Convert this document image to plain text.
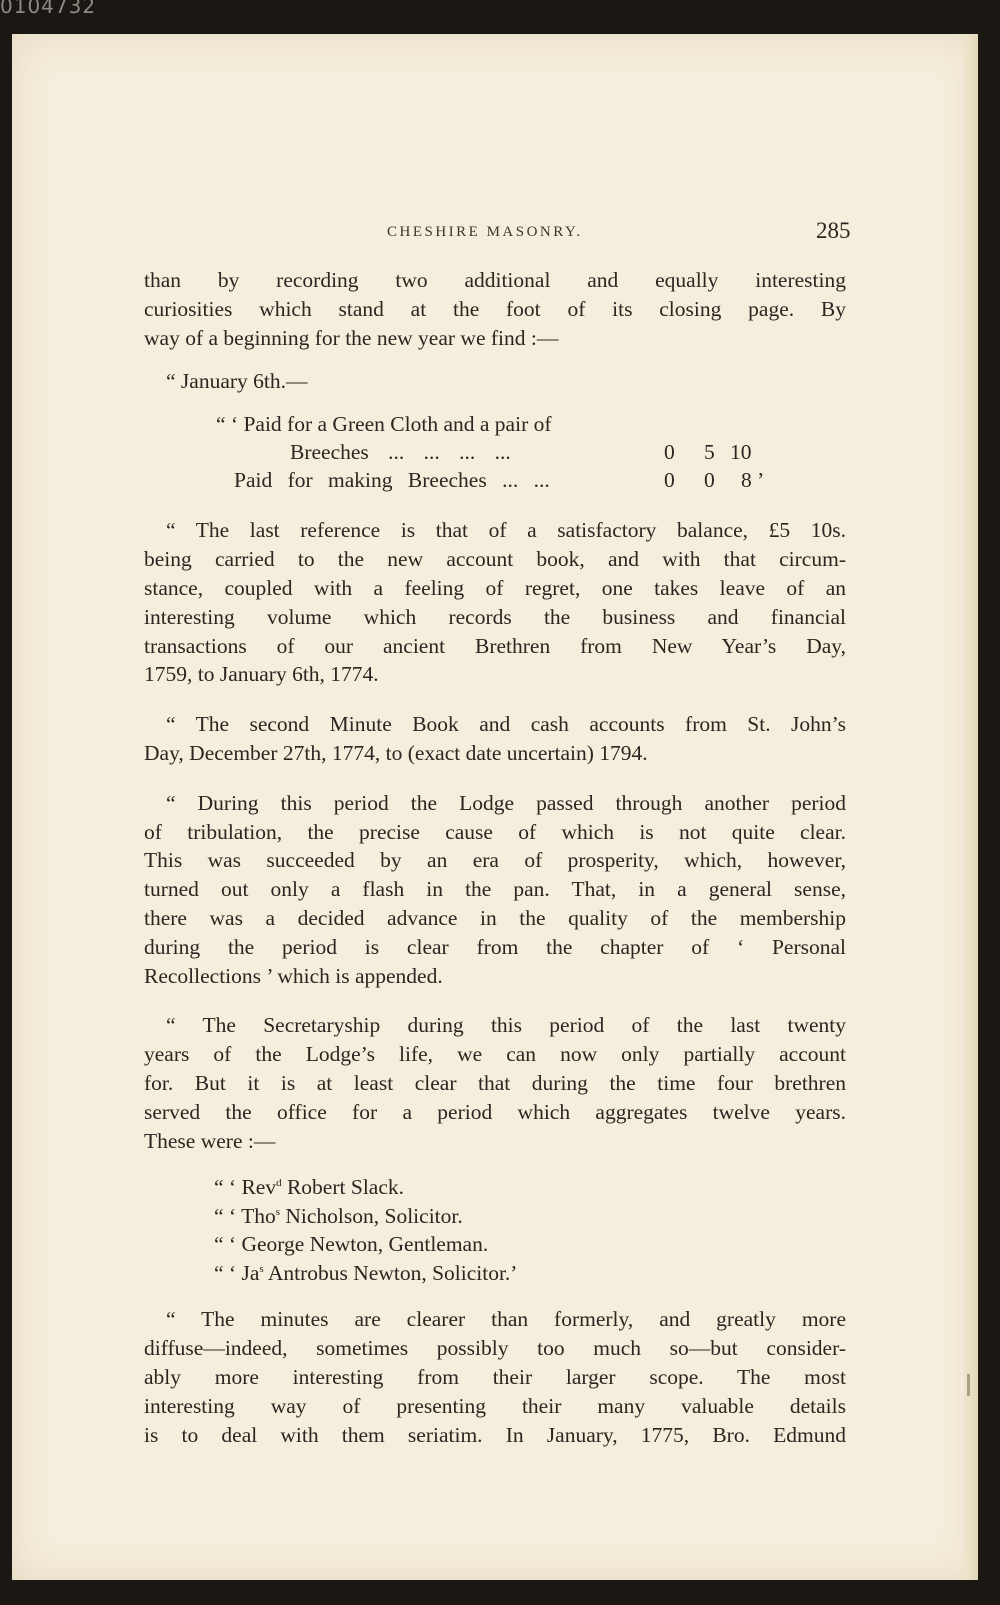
0104732
CHESHIRE MASONRY.	285

than by recording two additional and equally interesting
curiosities which stand at the foot of its closing page. By
way of a beginning for the new year we find :—

“ January 6th.—
“ ‘ Paid for a Green Cloth and a pair of
Breeches ... ... ... ...	0 5 10
Paid for making Breeches ... ...	0 0 8 ’

“ The last reference is that of a satisfactory balance, £5 10s.
being carried to the new account book, and with that circum-
stance, coupled with a feeling of regret, one takes leave of an
interesting volume which records the business and financial
transactions of our ancient Brethren from New Year’s Day,
1759, to January 6th, 1774.

“ The second Minute Book and cash accounts from St. John’s
Day, December 27th, 1774, to (exact date uncertain) 1794.

“ During this period the Lodge passed through another period
of tribulation, the precise cause of which is not quite clear.
This was succeeded by an era of prosperity, which, however,
turned out only a flash in the pan. That, in a general sense,
there was a decided advance in the quality of the membership
during the period is clear from the chapter of ‘ Personal
Recollections ’ which is appended.

“ The Secretaryship during this period of the last twenty
years of the Lodge’s life, we can now only partially account
for. But it is at least clear that during the time four brethren
served the office for a period which aggregates twelve years.
These were :—

“ ‘ Rev$^d$ Robert Slack.
“ ‘ Tho$^s$ Nicholson, Solicitor.
“ ‘ George Newton, Gentleman.
“ ‘ Ja$^s$ Antrobus Newton, Solicitor.’

“ The minutes are clearer than formerly, and greatly more
diffuse—indeed, sometimes possibly too much so—but consider-
ably more interesting from their larger scope. The most
interesting way of presenting their many valuable details
is to deal with them seriatim. In January, 1775, Bro. Edmund
